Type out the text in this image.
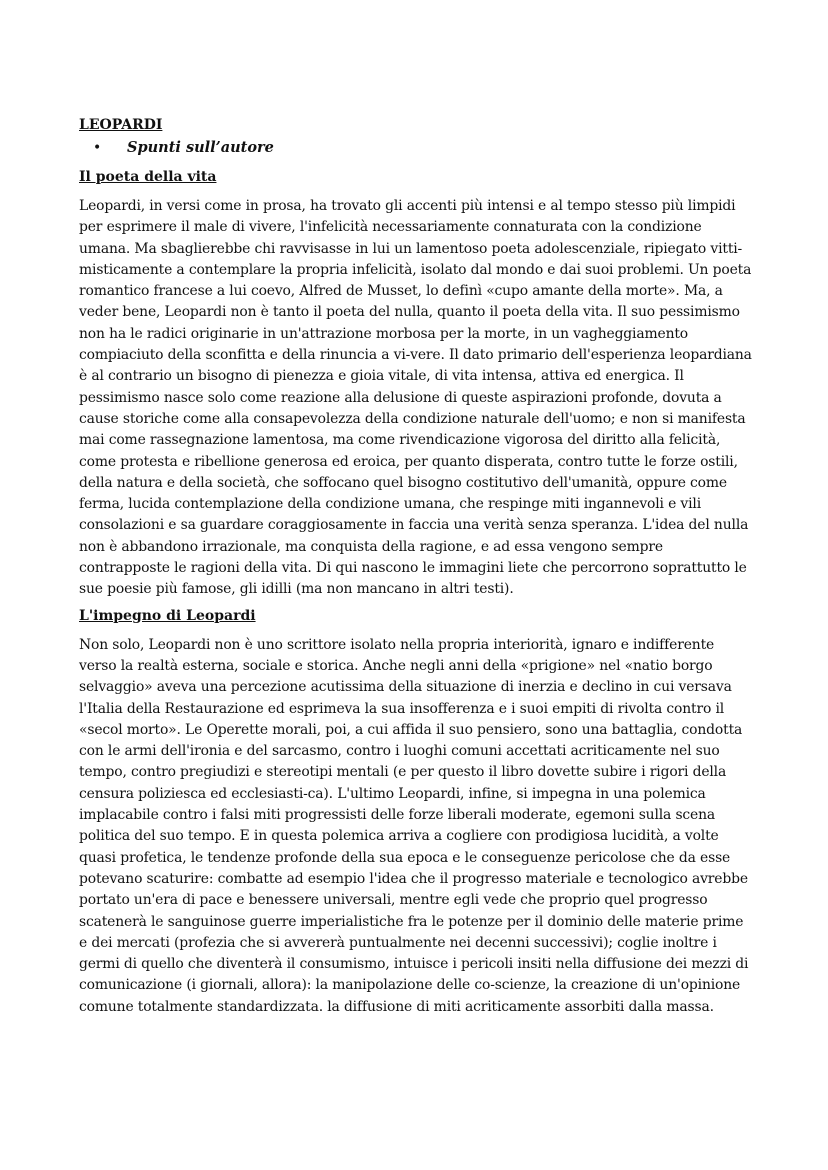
LEOPARDI
•	Spunti sull’autore
Il poeta della vita

Leopardi, in versi come in prosa, ha trovato gli accenti più intensi e al tempo stesso più limpidi per esprimere il male di vivere, l'infelicità necessariamente connaturata con la condizione umana. Ma sbaglierebbe chi ravvisasse in lui un lamentoso poeta adolescenziale, ripiegato vitti-misticamente a contemplare la propria infelicità, isolato dal mondo e dai suoi problemi. Un poeta romantico francese a lui coevo, Alfred de Musset, lo definì «cupo amante della morte». Ma, a veder bene, Leopardi non è tanto il poeta del nulla, quanto il poeta della vita. Il suo pessimismo non ha le radici originarie in un'attrazione morbosa per la morte, in un vagheggiamento compiaciuto della sconfitta e della rinuncia a vi-vere. Il dato primario dell'esperienza leopardiana è al contrario un bisogno di pienezza e gioia vitale, di vita intensa, attiva ed energica. Il pessimismo nasce solo come reazione alla delusione di queste aspirazioni profonde, dovuta a cause storiche come alla consapevolezza della condizione naturale dell'uomo; e non si manifesta mai come rassegnazione lamentosa, ma come rivendicazione vigorosa del diritto alla felicità, come protesta e ribellione generosa ed eroica, per quanto disperata, contro tutte le forze ostili, della natura e della società, che soffocano quel bisogno costitutivo dell'umanità, oppure come ferma, lucida contemplazione della condizione umana, che respinge miti ingannevoli e vili consolazioni e sa guardare coraggiosamente in faccia una verità senza speranza. L'idea del nulla non è abbandono irrazionale, ma conquista della ragione, e ad essa vengono sempre contrapposte le ragioni della vita. Di qui nascono le immagini liete che percorrono soprattutto le sue poesie più famose, gli idilli (ma non mancano in altri testi).

L'impegno di Leopardi

Non solo, Leopardi non è uno scrittore isolato nella propria interiorità, ignaro e indifferente verso la realtà esterna, sociale e storica. Anche negli anni della «prigione» nel «natio borgo selvaggio» aveva una percezione acutissima della situazione di inerzia e declino in cui versava l'Italia della Restaurazione ed esprimeva la sua insofferenza e i suoi empiti di rivolta contro il «secol morto». Le Operette morali, poi, a cui affida il suo pensiero, sono una battaglia, condotta con le armi dell'ironia e del sarcasmo, contro i luoghi comuni accettati acriticamente nel suo tempo, contro pregiudizi e stereotipi mentali (e per questo il libro dovette subire i rigori della censura poliziesca ed ecclesiasti-ca). L'ultimo Leopardi, infine, si impegna in una polemica implacabile contro i falsi miti progressisti delle forze liberali moderate, egemoni sulla scena politica del suo tempo. E in questa polemica arriva a cogliere con prodigiosa lucidità, a volte quasi profetica, le tendenze profonde della sua epoca e le conseguenze pericolose che da esse potevano scaturire: combatte ad esempio l'idea che il progresso materiale e tecnologico avrebbe portato un'era di pace e benessere universali, mentre egli vede che proprio quel progresso scatenerà le sanguinose guerre imperialistiche fra le potenze per il dominio delle materie prime e dei mercati (profezia che si avvererà puntualmente nei decenni successivi); coglie inoltre i germi di quello che diventerà il consumismo, intuisce i pericoli insiti nella diffusione dei mezzi di comunicazione (i giornali, allora): la manipolazione delle co-scienze, la creazione di un'opinione comune totalmente standardizzata. la diffusione di miti acriticamente assorbiti dalla massa.
